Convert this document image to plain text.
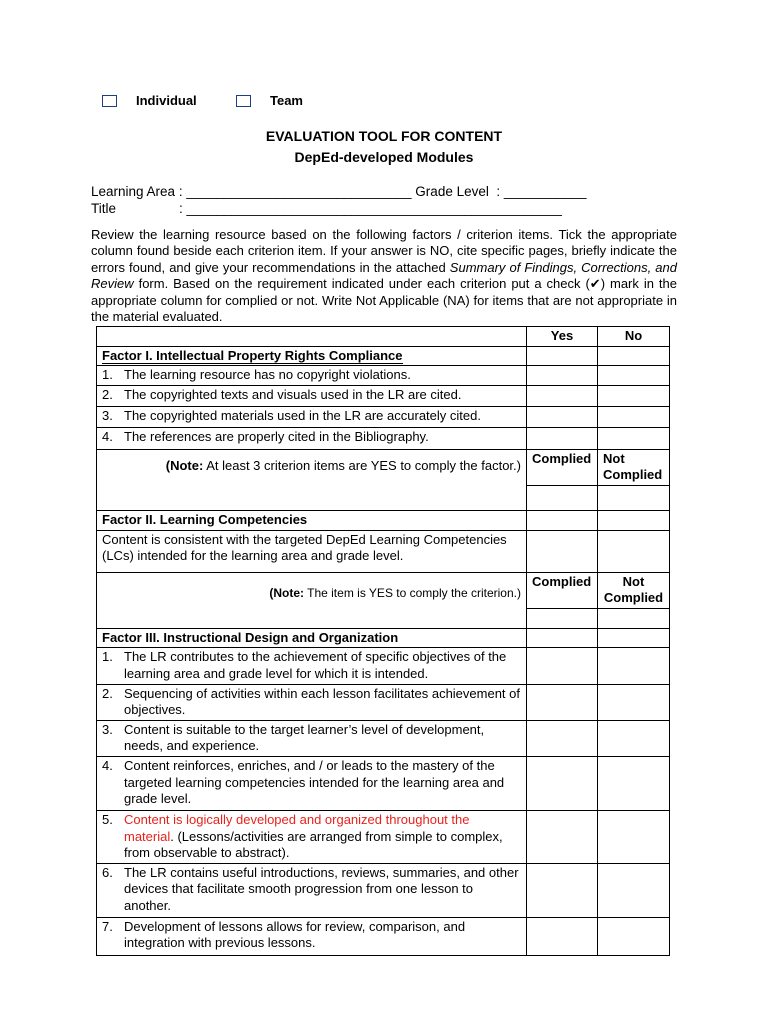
Individual	Team
EVALUATION TOOL FOR CONTENT
DepEd-developed Modules
Learning Area : ______________________________ Grade Level  : ___________
Title	: __________________________________________________
Review the learning resource based on the following factors / criterion items. Tick the appropriate column found beside each criterion item. If your answer is NO, cite specific pages, briefly indicate the errors found, and give your recommendations in the attached Summary of Findings, Corrections, and Review form. Based on the requirement indicated under each criterion put a check (✔) mark in the appropriate column for complied or not. Write Not Applicable (NA) for items that are not appropriate in the material evaluated.
	Yes	No
Factor I. Intellectual Property Rights Compliance		

1. The learning resource has no copyright violations.		

2. The copyrighted texts and visuals used in the LR are cited.		

3. The copyrighted materials used in the LR are accurately cited.		

4. The references are properly cited in the Bibliography.		

(Note: At least 3 criterion items are YES to comply the factor.)	Complied	Not Complied

Factor II. Learning Competencies		
Content is consistent with the targeted DepEd Learning Competencies (LCs) intended for the learning area and grade level.		
(Note: The item is YES to comply the criterion.)	Complied	Not Complied

Factor III. Instructional Design and Organization		

1. The LR contributes to the achievement of specific objectives of the learning area and grade level for which it is intended.		

2. Sequencing of activities within each lesson facilitates achievement of objectives.		

3. Content is suitable to the target learner’s level of development, needs, and experience.		

4. Content reinforces, enriches, and / or leads to the mastery of the targeted learning competencies intended for the learning area and grade level.		

5. Content is logically developed and organized throughout the material. (Lessons/activities are arranged from simple to complex, from observable to abstract).		

6. The LR contains useful introductions, reviews, summaries, and other devices that facilitate smooth progression from one lesson to another.		

7. Development of lessons allows for review, comparison, and integration with previous lessons.		
